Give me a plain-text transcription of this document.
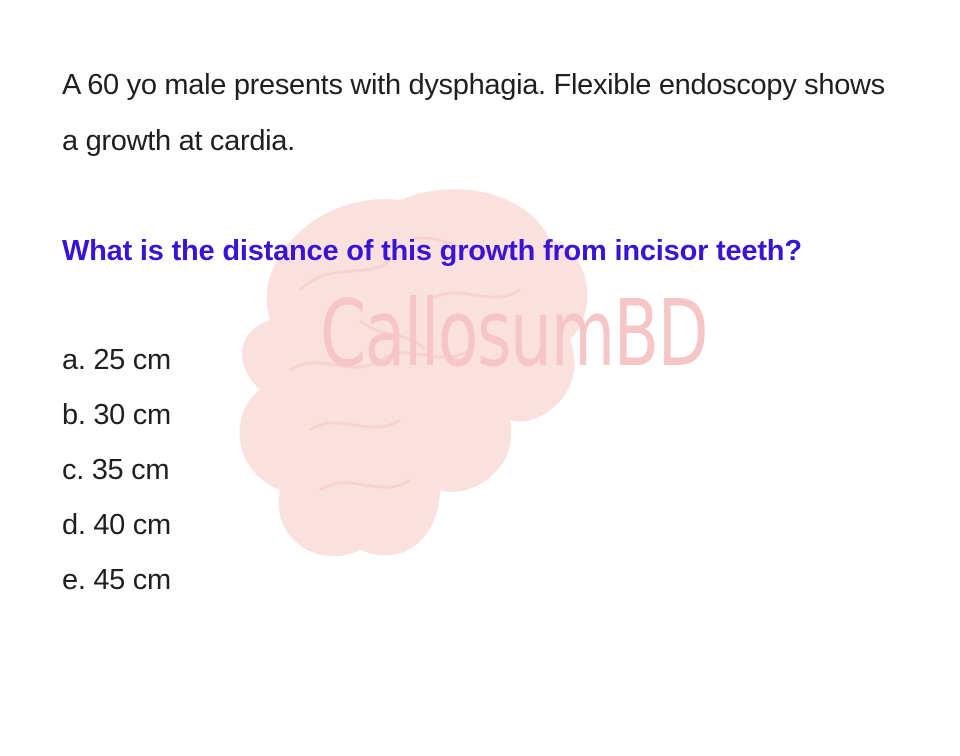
CallosumBD

A 60 yo male presents with dysphagia. Flexible endoscopy shows a growth at cardia.

What is the distance of this growth from incisor teeth?

a. 25 cm
b. 30 cm
c. 35 cm
d. 40 cm
e. 45 cm
